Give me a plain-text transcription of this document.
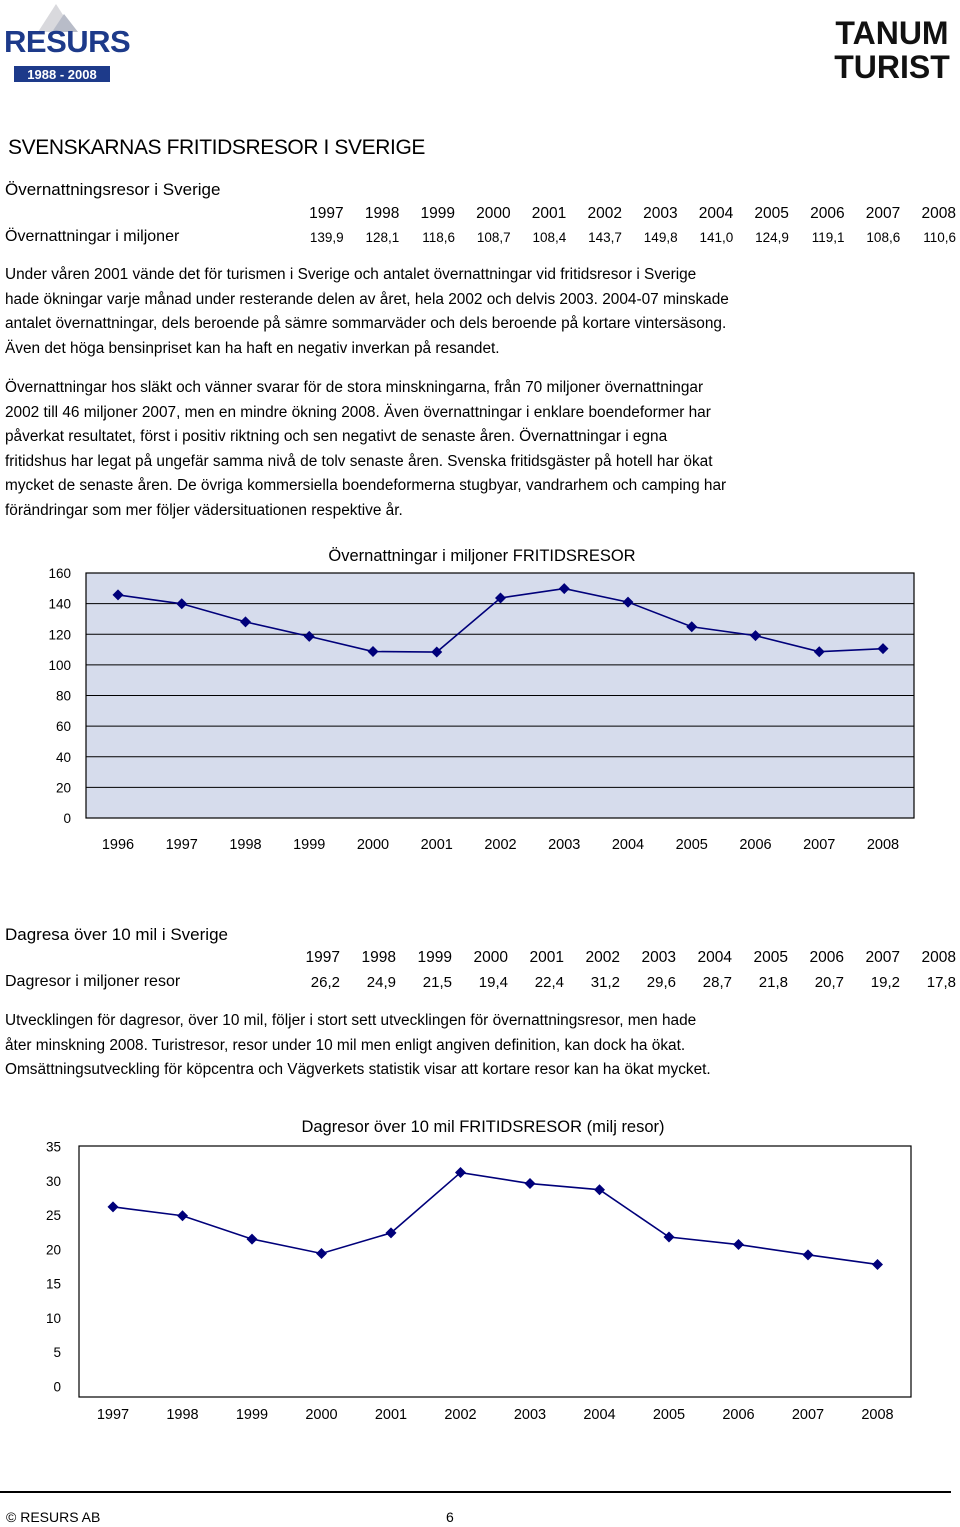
RESURS
1988 - 2008
TANUM
TURIST
SVENSKARNAS FRITIDSRESOR I SVERIGE
Övernattningsresor i Sverige
	1997	1998	1999	2000	2001	2002	2003	2004	2005	2006	2007	2008
Övernattningar i miljoner	139,9	128,1	118,6	108,7	108,4	143,7	149,8	141,0	124,9	119,1	108,6	110,6

Under våren 2001 vände det för turismen i Sverige och antalet övernattningar vid fritidsresor i Sverige
hade ökningar varje månad under resterande delen av året, hela 2002 och delvis 2003. 2004-07 minskade
antalet övernattningar, dels beroende på sämre sommarväder och dels beroende på kortare vintersäsong.
Även det höga bensinpriset kan ha haft en negativ inverkan på resandet.

Övernattningar hos släkt och vänner svarar för de stora minskningarna, från 70 miljoner övernattningar
2002 till 46 miljoner 2007, men en mindre ökning 2008. Även övernattningar i enklare boendeformer har
påverkat resultatet, först i positiv riktning och sen negativt de senaste åren. Övernattningar i egna
fritidshus har legat på ungefär samma nivå de tolv senaste åren. Svenska fritidsgäster på hotell har ökat
mycket de senaste åren. De övriga kommersiella boendeformerna stugbyar, vandrarhem och camping har
förändringar som mer följer vädersituationen respektive år.

0
20
40
60
80
100
120
140
160
1996 1997 1998 1999 2000 2001 2002 2003 2004 2005 2006 2007 2008
Övernattningar i miljoner FRITIDSRESOR
Dagresa över 10 mil i Sverige
	1997	1998	1999	2000	2001	2002	2003	2004	2005	2006	2007	2008
Dagresor i miljoner resor	26,2	24,9	21,5	19,4	22,4	31,2	29,6	28,7	21,8	20,7	19,2	17,8

Utvecklingen för dagresor, över 10 mil, följer i stort sett utvecklingen för övernattningsresor, men hade
åter minskning 2008. Turistresor, resor under 10 mil men enligt angiven definition, kan dock ha ökat.
Omsättningsutveckling för köpcentra och Vägverkets statistik visar att kortare resor kan ha ökat mycket.

0
5
10
15
20
25
30
35
1997	1998	1999	2000	2001	2002	2003	2004	2005	2006	2007	2008
Dagresor över 10 mil FRITIDSRESOR (milj resor)
© RESURS AB	6
